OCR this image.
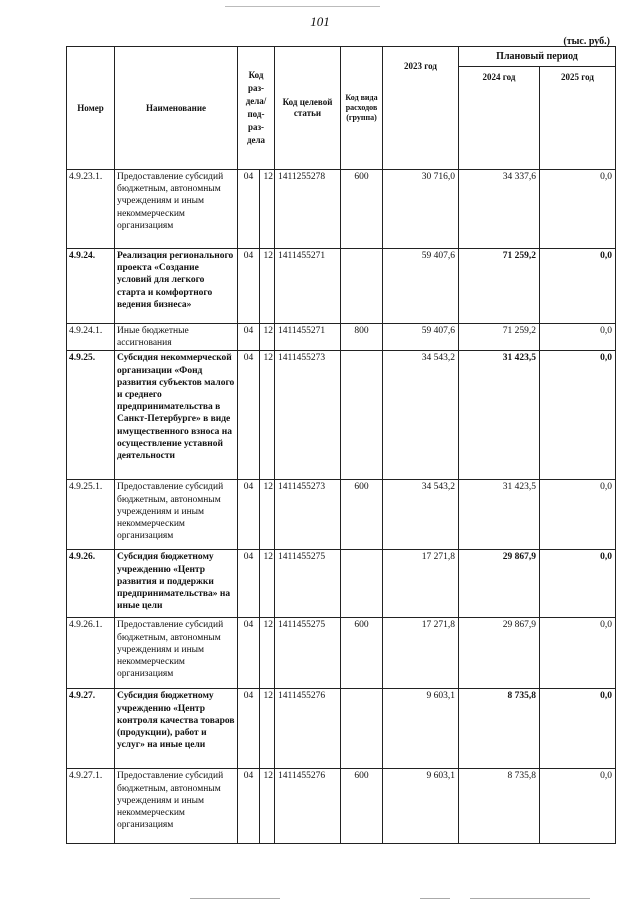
101
(тыс. руб.)
Номер	Наименование	Код раз-дела/ под-раз-дела		Код целевой статьи	Код вида расходов (группа)	2023 год	Плановый период	
							2024 год	2025 год
4.9.23.1.	Предоставление субсидий бюджетным, автономным учреждениям и иным некоммерческим организациям	04	12	1411255278	600	30 716,0	34 337,6	0,0
4.9.24.	Реализация регионального проекта «Создание условий для легкого старта и комфортного ведения бизнеса»	04	12	1411455271		59 407,6	71 259,2	0,0
4.9.24.1.	Иные бюджетные ассигнования	04	12	1411455271	800	59 407,6	71 259,2	0,0
4.9.25.	Субсидия некоммерческой организации «Фонд развития субъектов малого и среднего предпринимательства в Санкт-Петербурге» в виде имущественного взноса на осуществление уставной деятельности	04	12	1411455273		34 543,2	31 423,5	0,0
4.9.25.1.	Предоставление субсидий бюджетным, автономным учреждениям и иным некоммерческим организациям	04	12	1411455273	600	34 543,2	31 423,5	0,0
4.9.26.	Субсидия бюджетному учреждению «Центр развития и поддержки предпринимательства» на иные цели	04	12	1411455275		17 271,8	29 867,9	0,0
4.9.26.1.	Предоставление субсидий бюджетным, автономным учреждениям и иным некоммерческим организациям	04	12	1411455275	600	17 271,8	29 867,9	0,0
4.9.27.	Субсидия бюджетному учреждению «Центр контроля качества товаров (продукции), работ и услуг» на иные цели	04	12	1411455276		9 603,1	8 735,8	0,0
4.9.27.1.	Предоставление субсидий бюджетным, автономным учреждениям и иным некоммерческим организациям	04	12	1411455276	600	9 603,1	8 735,8	0,0
